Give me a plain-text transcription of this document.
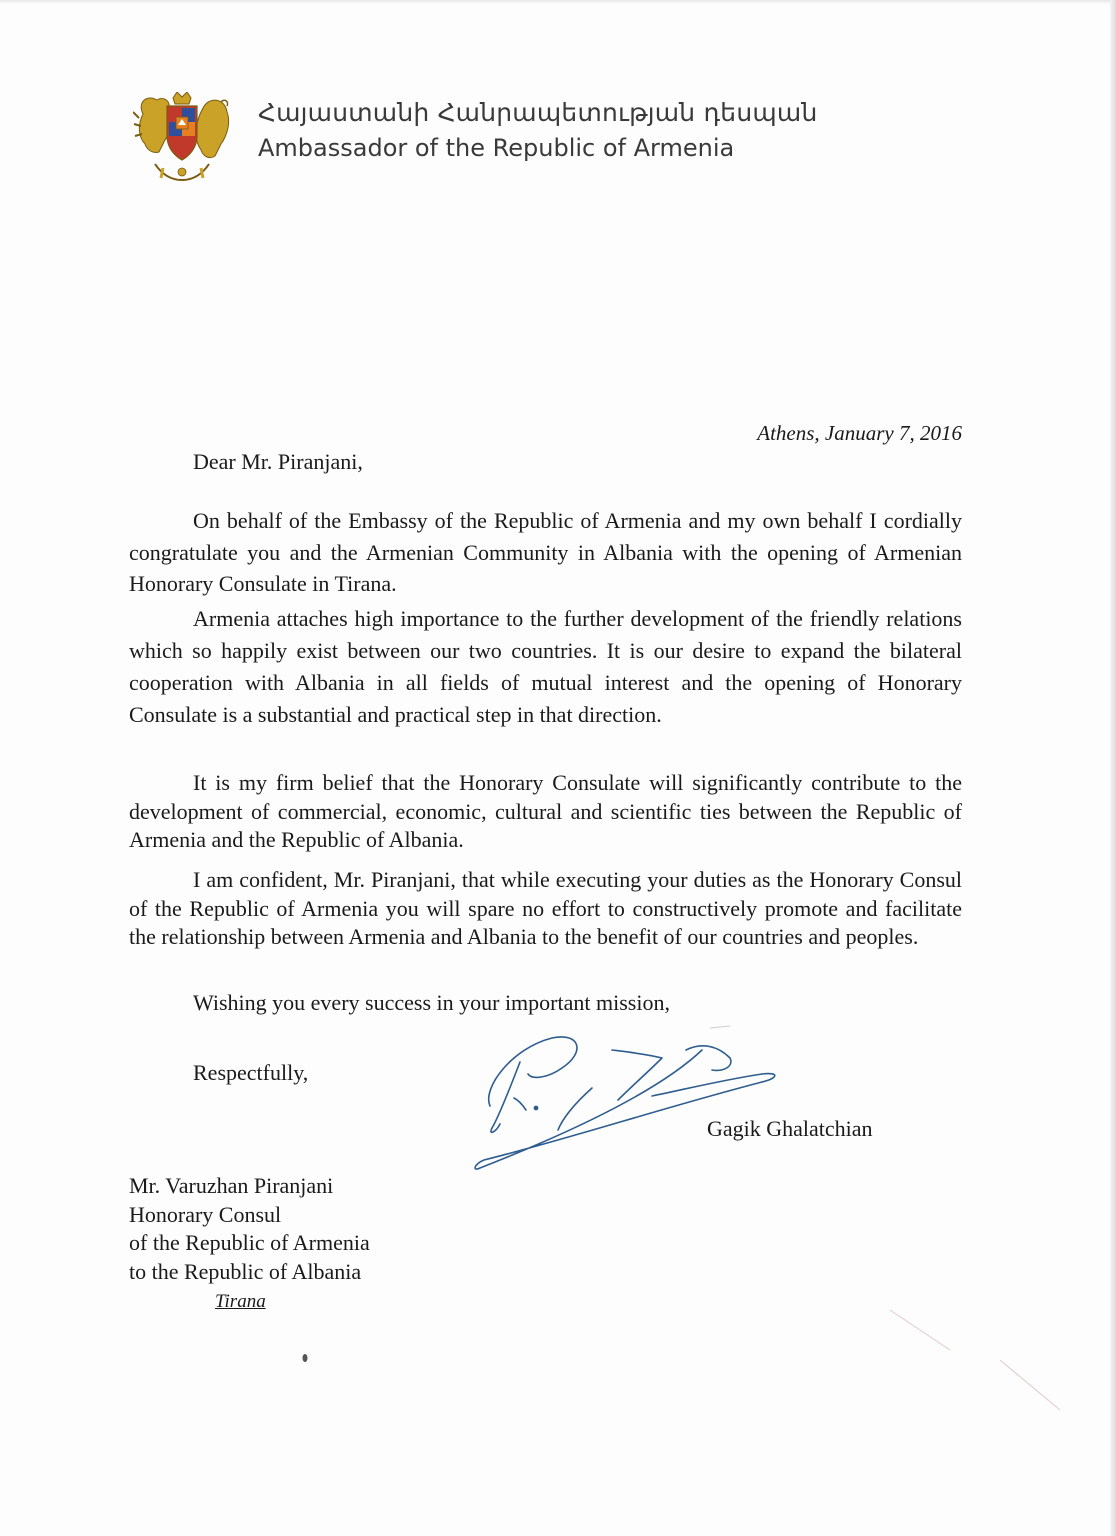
Հայաստանի Հանրապետության դեսպան
Ambassador of the Republic of Armenia
Athens, January 7, 2016
Dear Mr. Piranjani,

On behalf of the Embassy of the Republic of Armenia and my own behalf I cordially congratulate you and the Armenian Community in Albania with the opening of Armenian Honorary Consulate in Tirana.

Armenia attaches high importance to the further development of the friendly relations which so happily exist between our two countries. It is our desire to expand the bilateral cooperation with Albania in all fields of mutual interest and the opening of Honorary Consulate is a substantial and practical step in that direction.

It is my firm belief that the Honorary Consulate will significantly contribute to the development of commercial, economic, cultural and scientific ties between the Republic of Armenia and the Republic of Albania.

I am confident, Mr. Piranjani, that while executing your duties as the Honorary Consul of the Republic of Armenia you will spare no effort to constructively promote and facilitate the relationship between Armenia and Albania to the benefit of our countries and peoples.

Wishing you every success in your important mission,
Respectfully,
Gagik Ghalatchian
Mr. Varuzhan Piranjani
Honorary Consul
of the Republic of Armenia
to the Republic of Albania
Tirana
